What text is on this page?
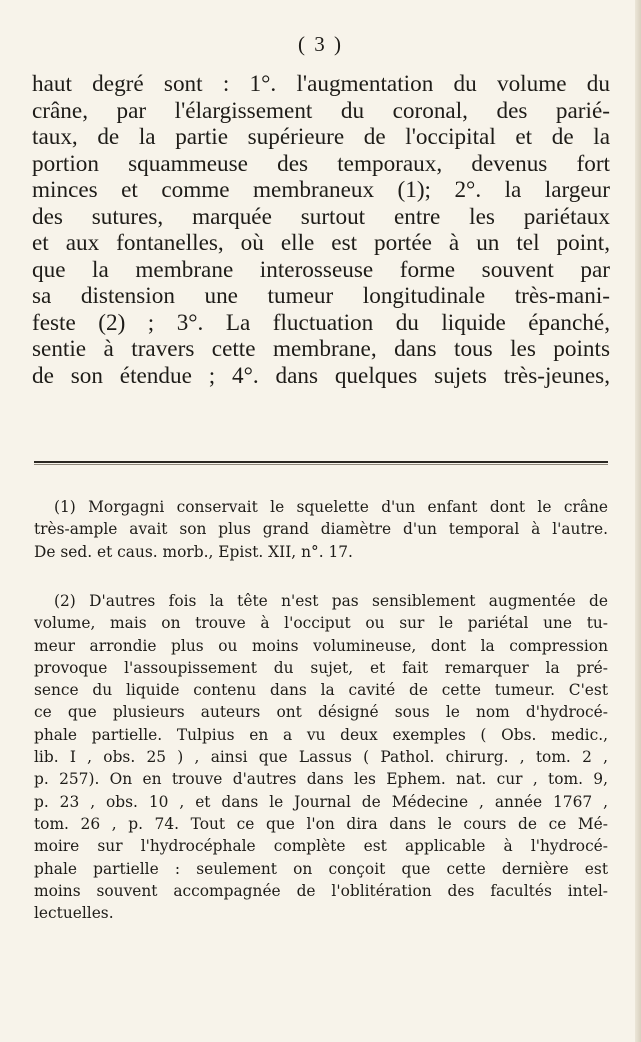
( 3 )
haut degré sont : 1°. l'augmentation du volume du
crâne, par l'élargissement du coronal, des parié-
taux, de la partie supérieure de l'occipital et de la
portion squammeuse des temporaux, devenus fort
minces et comme membraneux (1); 2°. la largeur
des sutures, marquée surtout entre les pariétaux
et aux fontanelles, où elle est portée à un tel point,
que la membrane interosseuse forme souvent par
sa distension une tumeur longitudinale très-mani-
feste (2) ; 3°. La fluctuation du liquide épanché,
sentie à travers cette membrane, dans tous les points
de son étendue ; 4°. dans quelques sujets très-jeunes,
(1) Morgagni conservait le squelette d'un enfant dont le crâne
très-ample avait son plus grand diamètre d'un temporal à l'autre.
De sed. et caus. morb., Epist. XII, n°. 17.
(2) D'autres fois la tête n'est pas sensiblement augmentée de
volume, mais on trouve à l'occiput ou sur le pariétal une tu-
meur arrondie plus ou moins volumineuse, dont la compression
provoque l'assoupissement du sujet, et fait remarquer la pré-
sence du liquide contenu dans la cavité de cette tumeur. C'est
ce que plusieurs auteurs ont désigné sous le nom d'hydrocé-
phale partielle. Tulpius en a vu deux exemples ( Obs. medic.,
lib. I , obs. 25 ) , ainsi que Lassus ( Pathol. chirurg. , tom. 2 ,
p. 257). On en trouve d'autres dans les Ephem. nat. cur , tom. 9,
p. 23 , obs. 10 , et dans le Journal de Médecine , année 1767 ,
tom. 26 , p. 74. Tout ce que l'on dira dans le cours de ce Mé-
moire sur l'hydrocéphale complète est applicable à l'hydrocé-
phale partielle : seulement on conçoit que cette dernière est
moins souvent accompagnée de l'oblitération des facultés intel-
lectuelles.
